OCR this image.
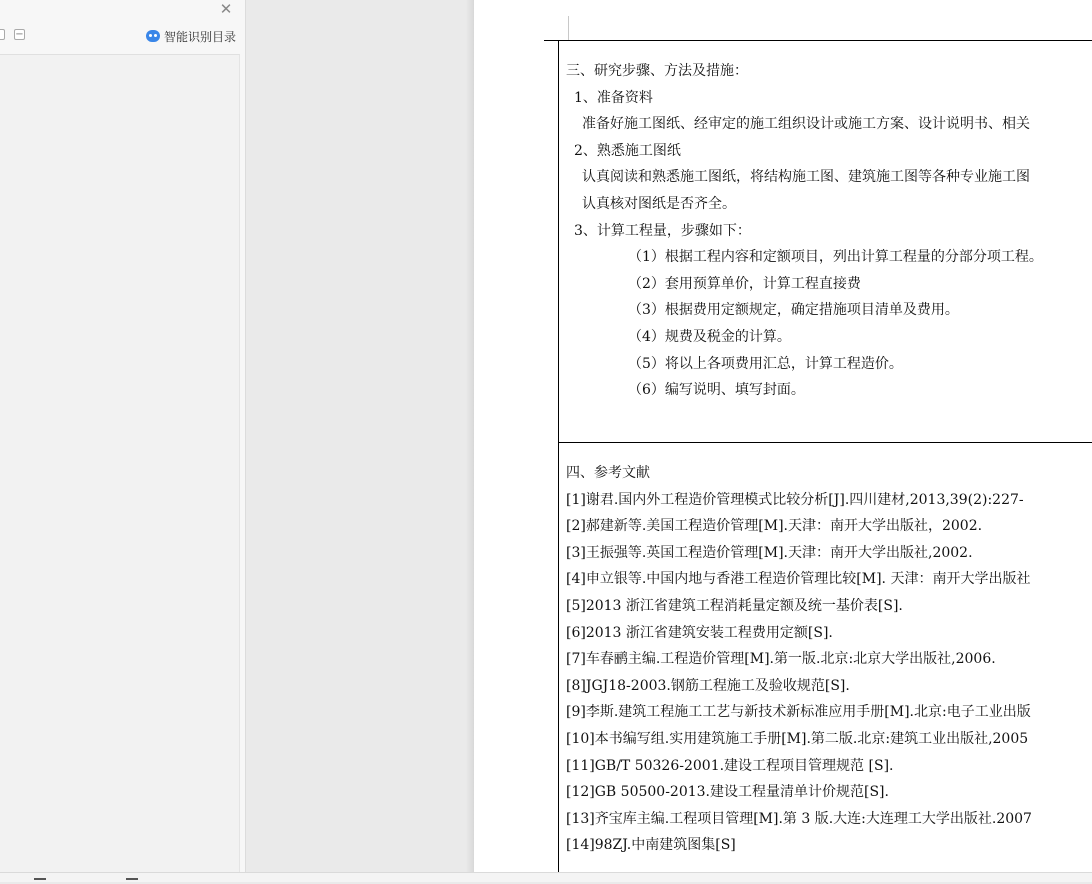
✕
−	智能识别目录
三、研究步骤、方法及措施：
1、准备资料
准备好施工图纸、经审定的施工组织设计或施工方案、设计说明书、相关
2、熟悉施工图纸
认真阅读和熟悉施工图纸，将结构施工图、建筑施工图等各种专业施工图
认真核对图纸是否齐全。
3、计算工程量，步骤如下：
（1）根据工程内容和定额项目，列出计算工程量的分部分项工程。
（2）套用预算单价，计算工程直接费
（3）根据费用定额规定，确定措施项目清单及费用。
（4）规费及税金的计算。
（5）将以上各项费用汇总，计算工程造价。
（6）编写说明、填写封面。
四、参考文献
[1]谢君.国内外工程造价管理模式比较分析[J].四川建材,2013,39(2):227-
[2]郝建新等.美国工程造价管理[M].天津：南开大学出版社，2002.
[3]王振强等.英国工程造价管理[M].天津：南开大学出版社,2002.
[4]申立银等.中国内地与香港工程造价管理比较[M]. 天津：南开大学出版社
[5]2013 浙江省建筑工程消耗量定额及统一基价表[S].
[6]2013 浙江省建筑安装工程费用定额[S].
[7]车春鹂主编.工程造价管理[M].第一版.北京:北京大学出版社,2006.
[8]JGJ18-2003.钢筋工程施工及验收规范[S].
[9]李斯.建筑工程施工工艺与新技术新标准应用手册[M].北京:电子工业出版
[10]本书编写组.实用建筑施工手册[M].第二版.北京:建筑工业出版社,2005
[11]GB/T 50326-2001.建设工程项目管理规范 [S].
[12]GB 50500-2013.建设工程量清单计价规范[S].
[13]齐宝库主编.工程项目管理[M].第 3 版.大连:大连理工大学出版社.2007
[14]98ZJ.中南建筑图集[S]
